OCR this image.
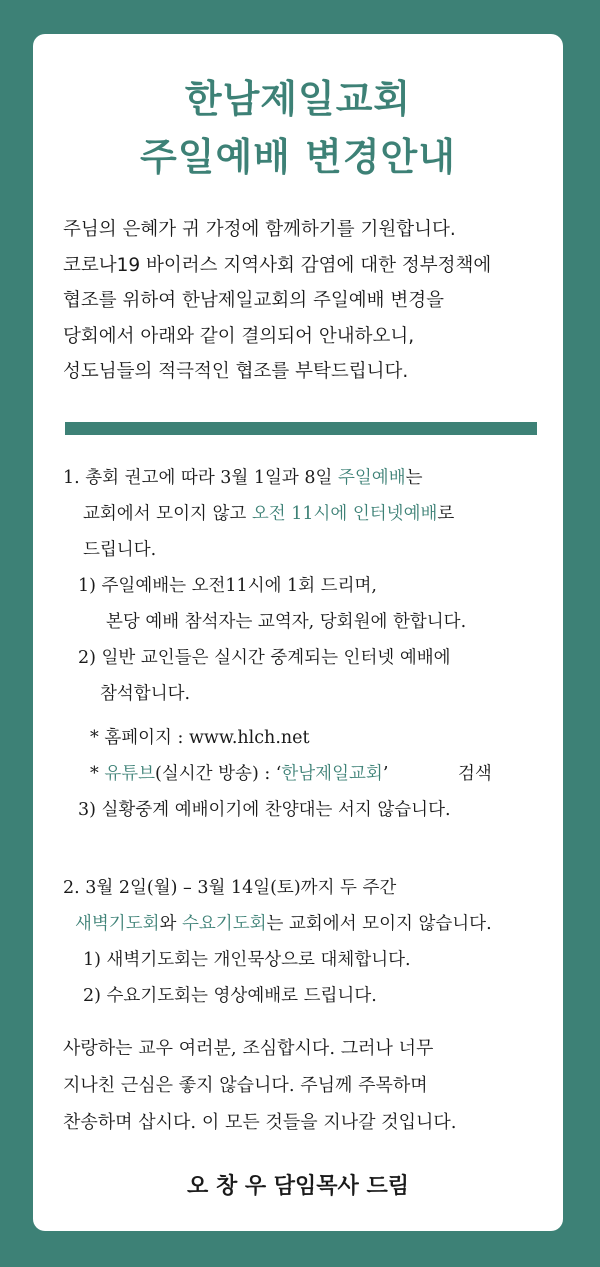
한남제일교회
주일예배 변경안내

주님의 은혜가 귀 가정에 함께하기를 기원합니다.

코로나19 바이러스 지역사회 감염에 대한 정부정책에

협조를 위하여 한남제일교회의 주일예배 변경을

당회에서 아래와 같이 결의되어 안내하오니,

성도님들의 적극적인 협조를 부탁드립니다.

1. 총회 권고에 따라 3월 1일과 8일 주일예배는

교회에서 모이지 않고 오전 11시에 인터넷예배로

드립니다.

1) 주일예배는 오전11시에 1회 드리며,

본당 예배 참석자는 교역자, 당회원에 한합니다.

2) 일반 교인들은 실시간 중계되는 인터넷 예배에

참석합니다.

* 홈페이지 : www.hlch.net

* 유튜브(실시간 방송) : ‘한남제일교회’	검색

3) 실황중계 예배이기에 찬양대는 서지 않습니다.

2. 3월 2일(월) – 3월 14일(토)까지 두 주간

새벽기도회와 수요기도회는 교회에서 모이지 않습니다.

1) 새벽기도회는 개인묵상으로 대체합니다.

2) 수요기도회는 영상예배로 드립니다.

사랑하는 교우 여러분, 조심합시다. 그러나 너무

지나친 근심은 좋지 않습니다. 주님께 주목하며

찬송하며 삽시다. 이 모든 것들을 지나갈 것입니다.

오 창 우 담임목사 드림
